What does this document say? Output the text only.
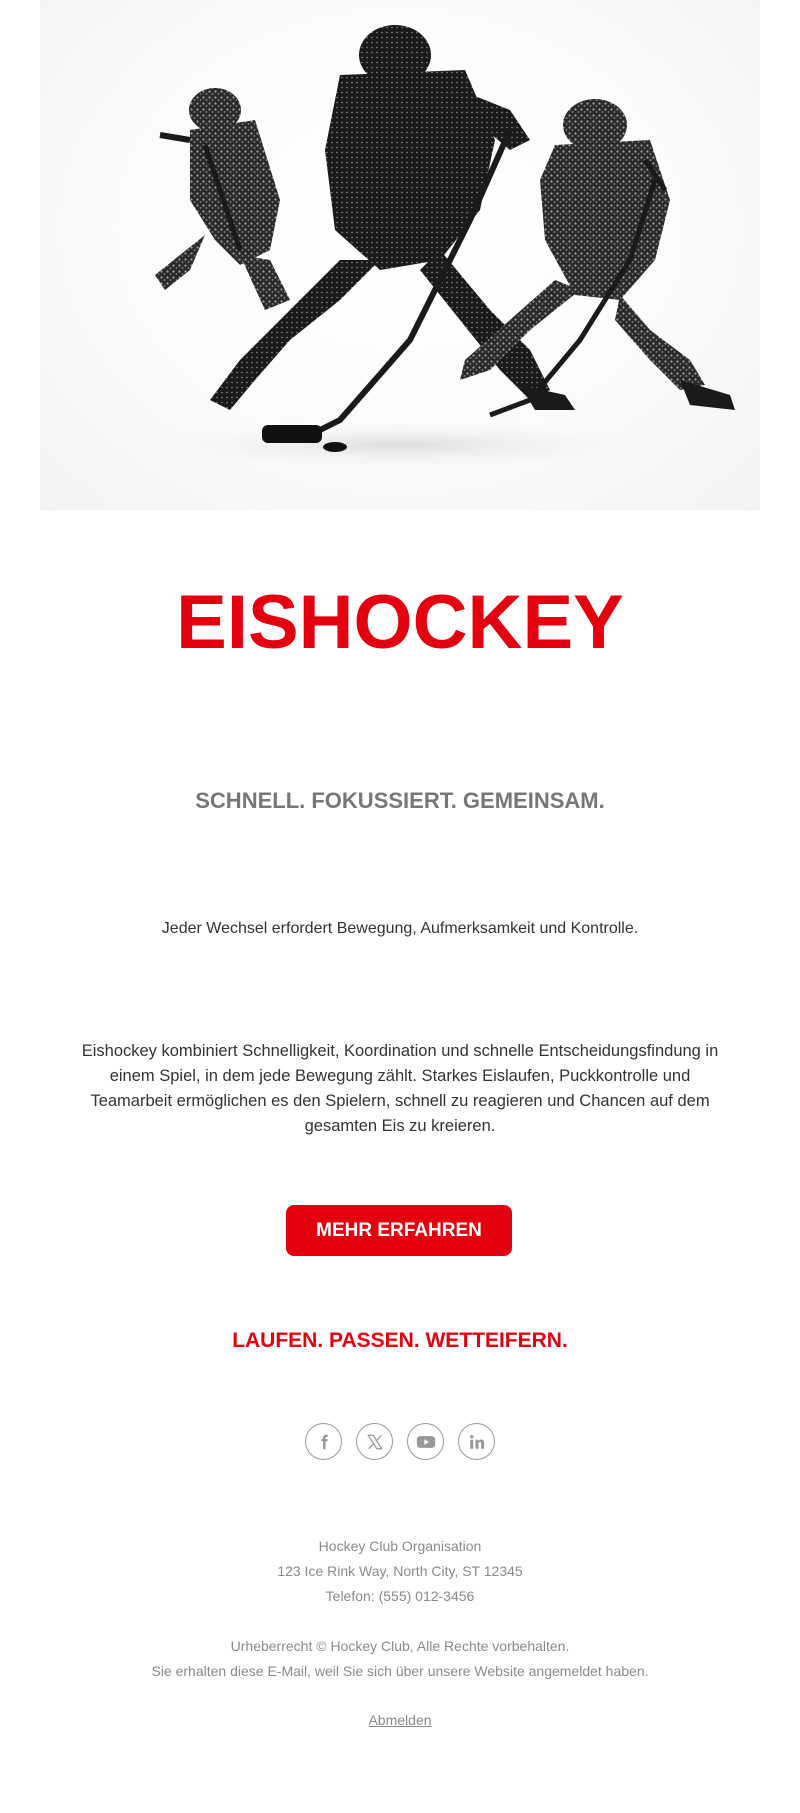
EISHOCKEY
SCHNELL. FOKUSSIERT. GEMEINSAM.
Jeder Wechsel erfordert Bewegung, Aufmerksamkeit und Kontrolle.
Eishockey kombiniert Schnelligkeit, Koordination und schnelle Entscheidungsfindung in
einem Spiel, in dem jede Bewegung zählt. Starkes Eislaufen, Puckkontrolle und
Teamarbeit ermöglichen es den Spielern, schnell zu reagieren und Chancen auf dem
gesamten Eis zu kreieren.
MEHR ERFAHREN
LAUFEN. PASSEN. WETTEIFERN.
Hockey Club Organisation
123 Ice Rink Way, North City, ST 12345
Telefon: (555) 012-3456
Urheberrecht © Hockey Club, Alle Rechte vorbehalten.
Sie erhalten diese E-Mail, weil Sie sich über unsere Website angemeldet haben.
Abmelden
